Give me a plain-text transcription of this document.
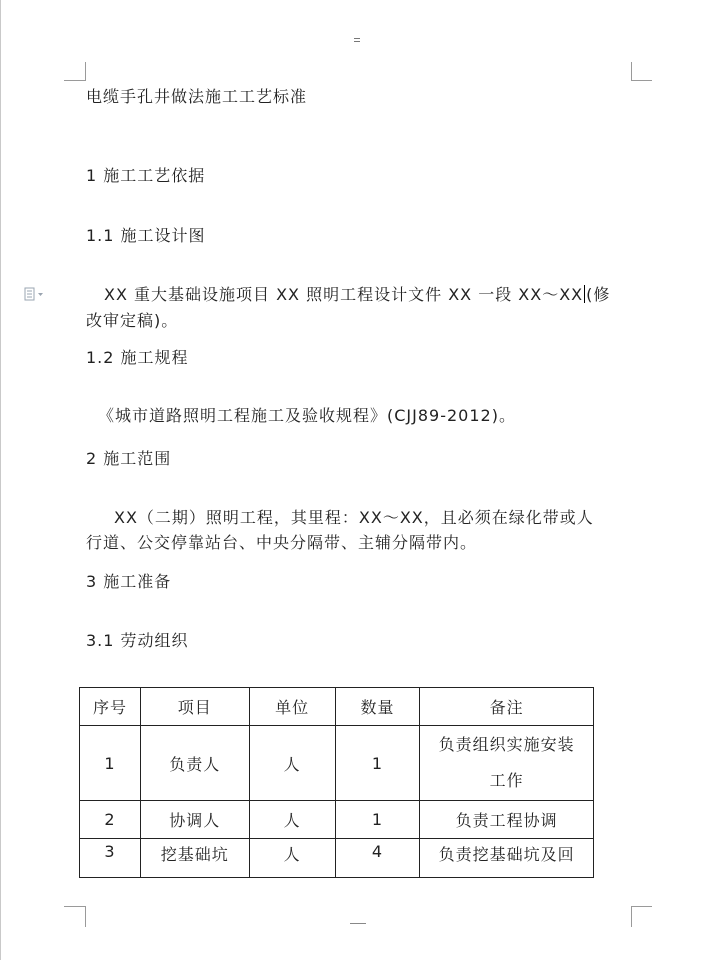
电缆手孔井做法施工工艺标准
1 施工工艺依据
1.1 施工设计图
XX 重大基础设施项目 XX 照明工程设计文件 XX 一段 XX～XX (修
改审定稿)。
1.2 施工规程
《城市道路照明工程施工及验收规程》(CJJ89-2012)。
2 施工范围
XX（二期）照明工程，其里程：XX～XX，且必须在绿化带或人
行道、公交停靠站台、中央分隔带、主辅分隔带内。
3 施工准备
3.1 劳动组织
序号	项目	单位	数量	备注
1	负责人	人	1	负责组织实施安装
工作
2	协调人	人	1	负责工程协调
3	挖基础坑	人	4	负责挖基础坑及回
